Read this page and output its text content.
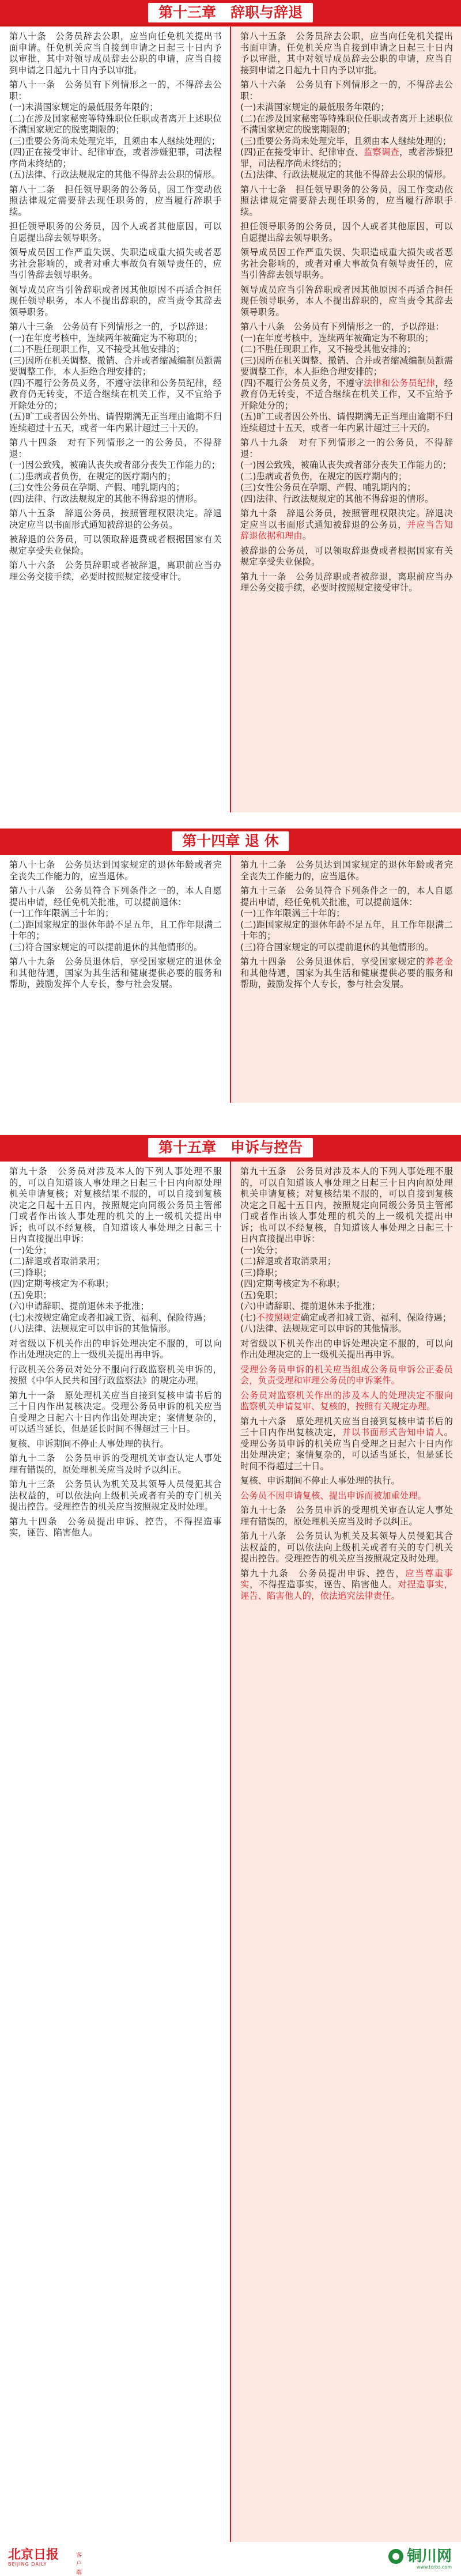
第十三章　辞职与辞退

第八十条　公务员辞去公职，应当向任免机关提出书面申请。任免机关应当自接到申请之日起三十日内予以审批，其中对领导成员辞去公职的申请，应当自接到申请之日起九十日内予以审批。

第八十一条　公务员有下列情形之一的，不得辞去公职：
(一)未满国家规定的最低服务年限的；
(二)在涉及国家秘密等特殊职位任职或者离开上述职位不满国家规定的脱密期限的；
(三)重要公务尚未处理完毕，且须由本人继续处理的；
(四)正在接受审计、纪律审查，或者涉嫌犯罪，司法程序尚未终结的；
(五)法律、行政法规规定的其他不得辞去公职的情形。

第八十二条　担任领导职务的公务员，因工作变动依照法律规定需要辞去现任职务的，应当履行辞职手续。

担任领导职务的公务员，因个人或者其他原因，可以自愿提出辞去领导职务。

领导成员因工作严重失误、失职造成重大损失或者恶劣社会影响的，或者对重大事故负有领导责任的，应当引咎辞去领导职务。

领导成员应当引咎辞职或者因其他原因不再适合担任现任领导职务，本人不提出辞职的，应当责令其辞去领导职务。

第八十三条　公务员有下列情形之一的，予以辞退：
(一)在年度考核中，连续两年被确定为不称职的；
(二)不胜任现职工作，又不接受其他安排的；
(三)因所在机关调整、撤销、合并或者缩减编制员额需要调整工作，本人拒绝合理安排的；
(四)不履行公务员义务，不遵守法律和公务员纪律，经教育仍无转变，不适合继续在机关工作，又不宜给予开除处分的；
(五)旷工或者因公外出、请假期满无正当理由逾期不归连续超过十五天，或者一年内累计超过三十天的。

第八十四条　对有下列情形之一的公务员，不得辞退：
(一)因公致残，被确认丧失或者部分丧失工作能力的；
(二)患病或者负伤，在规定的医疗期内的；
(三)女性公务员在孕期、产假、哺乳期内的；
(四)法律、行政法规规定的其他不得辞退的情形。

第八十五条　辞退公务员，按照管理权限决定。辞退决定应当以书面形式通知被辞退的公务员。

被辞退的公务员，可以领取辞退费或者根据国家有关规定享受失业保险。

第八十六条　公务员辞职或者被辞退，离职前应当办理公务交接手续，必要时按照规定接受审计。

第八十五条　公务员辞去公职，应当向任免机关提出书面申请。任免机关应当自接到申请之日起三十日内予以审批，其中对领导成员辞去公职的申请，应当自接到申请之日起九十日内予以审批。

第八十六条　公务员有下列情形之一的，不得辞去公职：
(一)未满国家规定的最低服务年限的；
(二)在涉及国家秘密等特殊职位任职或者离开上述职位不满国家规定的脱密期限的；
(三)重要公务尚未处理完毕，且须由本人继续处理的；
(四)正在接受审计、纪律审查、监察调查，或者涉嫌犯罪，司法程序尚未终结的；
(五)法律、行政法规规定的其他不得辞去公职的情形。

第八十七条　担任领导职务的公务员，因工作变动依照法律规定需要辞去现任职务的，应当履行辞职手续。

担任领导职务的公务员，因个人或者其他原因，可以自愿提出辞去领导职务。

领导成员因工作严重失误、失职造成重大损失或者恶劣社会影响的，或者对重大事故负有领导责任的，应当引咎辞去领导职务。

领导成员应当引咎辞职或者因其他原因不再适合担任现任领导职务，本人不提出辞职的，应当责令其辞去领导职务。

第八十八条　公务员有下列情形之一的，予以辞退：
(一)在年度考核中，连续两年被确定为不称职的；
(二)不胜任现职工作，又不接受其他安排的；
(三)因所在机关调整、撤销、合并或者缩减编制员额需要调整工作，本人拒绝合理安排的；
(四)不履行公务员义务，不遵守法律和公务员纪律，经教育仍无转变，不适合继续在机关工作，又不宜给予开除处分的；
(五)旷工或者因公外出、请假期满无正当理由逾期不归连续超过十五天，或者一年内累计超过三十天的。

第八十九条　对有下列情形之一的公务员，不得辞退：
(一)因公致残，被确认丧失或者部分丧失工作能力的；
(二)患病或者负伤，在规定的医疗期内的；
(三)女性公务员在孕期、产假、哺乳期内的；
(四)法律、行政法规规定的其他不得辞退的情形。

第九十条　辞退公务员，按照管理权限决定。辞退决定应当以书面形式通知被辞退的公务员，并应当告知辞退依据和理由。

被辞退的公务员，可以领取辞退费或者根据国家有关规定享受失业保险。

第九十一条　公务员辞职或者被辞退，离职前应当办理公务交接手续，必要时按照规定接受审计。

第十四章 退 休

第八十七条　公务员达到国家规定的退休年龄或者完全丧失工作能力的，应当退休。

第八十八条　公务员符合下列条件之一的，本人自愿提出申请，经任免机关批准，可以提前退休：
(一)工作年限满三十年的；
(二)距国家规定的退休年龄不足五年，且工作年限满二十年的；
(三)符合国家规定的可以提前退休的其他情形的。

第八十九条　公务员退休后，享受国家规定的退休金和其他待遇，国家为其生活和健康提供必要的服务和帮助，鼓励发挥个人专长，参与社会发展。

第九十二条　公务员达到国家规定的退休年龄或者完全丧失工作能力的，应当退休。

第九十三条　公务员符合下列条件之一的，本人自愿提出申请，经任免机关批准，可以提前退休：
(一)工作年限满三十年的；
(二)距国家规定的退休年龄不足五年，且工作年限满二十年的；
(三)符合国家规定的可以提前退休的其他情形的。

第九十四条　公务员退休后，享受国家规定的养老金和其他待遇，国家为其生活和健康提供必要的服务和帮助，鼓励发挥个人专长，参与社会发展。

第十五章　申诉与控告

第九十条　公务员对涉及本人的下列人事处理不服的，可以自知道该人事处理之日起三十日内向原处理机关申请复核；对复核结果不服的，可以自接到复核决定之日起十五日内，按照规定向同级公务员主管部门或者作出该人事处理的机关的上一级机关提出申诉；也可以不经复核，自知道该人事处理之日起三十日内直接提出申诉：
(一)处分；
(二)辞退或者取消录用；
(三)降职；
(四)定期考核定为不称职；
(五)免职；
(六)申请辞职、提前退休未予批准；
(七)未按规定确定或者扣减工资、福利、保险待遇；
(八)法律、法规规定可以申诉的其他情形。

对省级以下机关作出的申诉处理决定不服的，可以向作出处理决定的上一级机关提出再申诉。

行政机关公务员对处分不服向行政监察机关申诉的，按照《中华人民共和国行政监察法》的规定办理。

第九十一条　原处理机关应当自接到复核申请书后的三十日内作出复核决定。受理公务员申诉的机关应当自受理之日起六十日内作出处理决定；案情复杂的，可以适当延长，但是延长时间不得超过三十日。

复核、申诉期间不停止人事处理的执行。

第九十二条　公务员申诉的受理机关审查认定人事处理有错误的，原处理机关应当及时予以纠正。

第九十三条　公务员认为机关及其领导人员侵犯其合法权益的，可以依法向上级机关或者有关的专门机关提出控告。受理控告的机关应当按照规定及时处理。

第九十四条　公务员提出申诉、控告，不得捏造事实，诬告、陷害他人。

第九十五条　公务员对涉及本人的下列人事处理不服的，可以自知道该人事处理之日起三十日内向原处理机关申请复核；对复核结果不服的，可以自接到复核决定之日起十五日内，按照规定向同级公务员主管部门或者作出该人事处理的机关的上一级机关提出申诉；也可以不经复核，自知道该人事处理之日起三十日内直接提出申诉：
(一)处分；
(二)辞退或者取消录用；
(三)降职；
(四)定期考核定为不称职；
(五)免职；
(六)申请辞职、提前退休未予批准；
(七)不按照规定确定或者扣减工资、福利、保险待遇；
(八)法律、法规规定可以申诉的其他情形。

对省级以下机关作出的申诉处理决定不服的，可以向作出处理决定的上一级机关提出再申诉。

受理公务员申诉的机关应当组成公务员申诉公正委员会，负责受理和审理公务员的申诉案件。

公务员对监察机关作出的涉及本人的处理决定不服向监察机关申请复审、复核的，按照有关规定办理。

第九十六条　原处理机关应当自接到复核申请书后的三十日内作出复核决定，并以书面形式告知申请人。受理公务员申诉的机关应当自受理之日起六十日内作出处理决定；案情复杂的，可以适当延长，但是延长时间不得超过三十日。

复核、申诉期间不停止人事处理的执行。

公务员不因申请复核、提出申诉而被加重处理。

第九十七条　公务员申诉的受理机关审查认定人事处理有错误的，原处理机关应当及时予以纠正。

第九十八条　公务员认为机关及其领导人员侵犯其合法权益的，可以依法向上级机关或者有关的专门机关提出控告。受理控告的机关应当按照规定及时处理。

第九十九条　公务员提出申诉、控告，应当尊重事实，不得捏造事实，诬告、陷害他人。对捏造事实，诬告、陷害他人的，依法追究法律责任。

北京日报
BEIJING DAILY
客户端
铜川网
www.tcrbs.com
